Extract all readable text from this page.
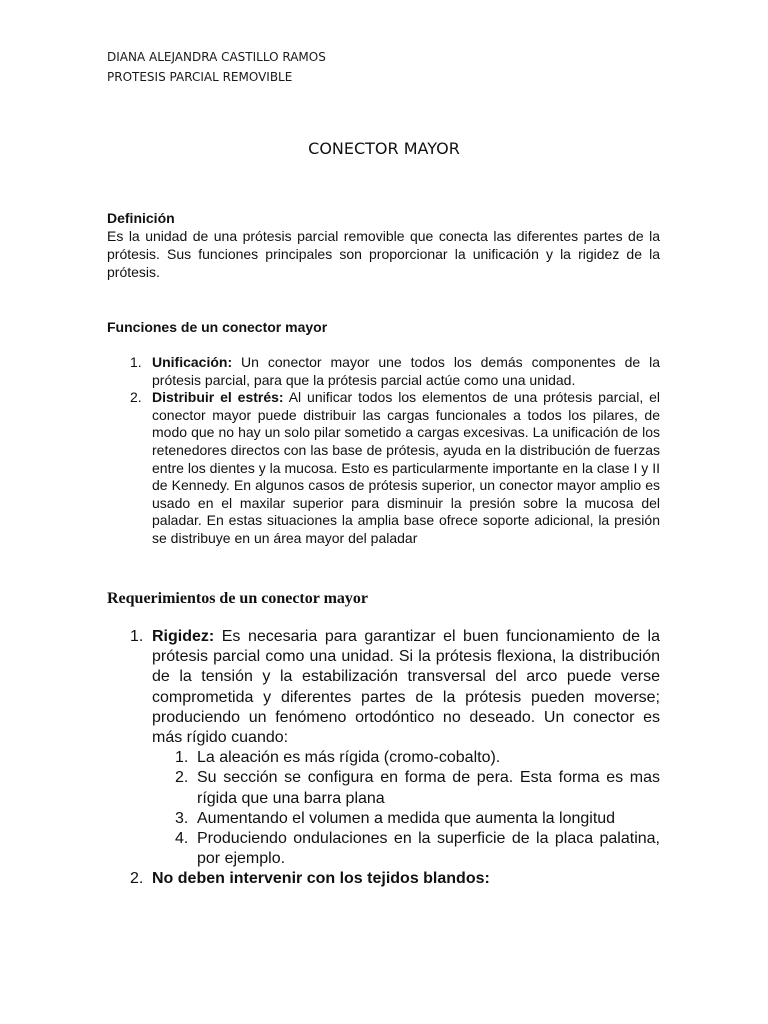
DIANA ALEJANDRA CASTILLO RAMOS
PROTESIS PARCIAL REMOVIBLE
CONECTOR MAYOR
Definición
Es la unidad de una prótesis parcial removible que conecta las diferentes partes de la prótesis. Sus funciones principales son proporcionar la unificación y la rigidez de la prótesis.
Funciones de un conector mayor
1. Unificación: Un conector mayor une todos los demás componentes de la prótesis parcial, para que la prótesis parcial actúe como una unidad.
2. Distribuir el estrés: Al unificar todos los elementos de una prótesis parcial, el conector mayor puede distribuir las cargas funcionales a todos los pilares, de modo que no hay un solo pilar sometido a cargas excesivas. La unificación de los retenedores directos con las base de prótesis, ayuda en la distribución de fuerzas entre los dientes y la mucosa. Esto es particularmente importante en la clase I y II de Kennedy. En algunos casos de prótesis superior, un conector mayor amplio es usado en el maxilar superior para disminuir la presión sobre la mucosa del paladar. En estas situaciones la amplia base ofrece soporte adicional, la presión se distribuye en un área mayor del paladar
Requerimientos de un conector mayor
1. Rigidez: Es necesaria para garantizar el buen funcionamiento de la prótesis parcial como una unidad. Si la prótesis flexiona, la distribución de la tensión y la estabilización transversal del arco puede verse comprometida y diferentes partes de la prótesis pueden moverse; produciendo un fenómeno ortodóntico no deseado. Un conector es más rígido cuando:
1. La aleación es más rígida (cromo-cobalto).
2. Su sección se configura en forma de pera. Esta forma es mas rígida que una barra plana
3. Aumentando el volumen a medida que aumenta la longitud
4. Produciendo ondulaciones en la superficie de la placa palatina, por ejemplo.
2. No deben intervenir con los tejidos blandos:
